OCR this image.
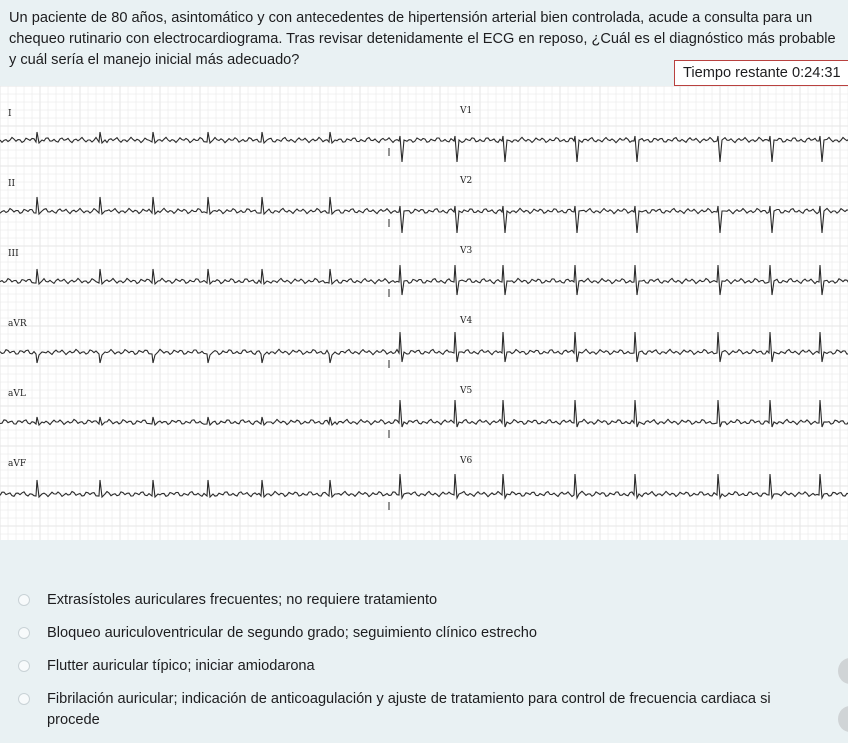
Un paciente de 80 años, asintomático y con antecedentes de hipertensión arterial bien controlada, acude a consulta para un chequeo rutinario con electrocardiograma. Tras revisar detenidamente el ECG en reposo, ¿Cuál es el diagnóstico más probable y cuál sería el manejo inicial más adecuado?

Tiempo restante 0:24:31
I	V1
II	V2
III	V3
aVR	V4
aVL	V5
aVF	V6
Extrasístoles auriculares frecuentes; no requiere tratamiento
Bloqueo auriculoventricular de segundo grado; seguimiento clínico estrecho
Flutter auricular típico; iniciar amiodarona
Fibrilación auricular; indicación de anticoagulación y ajuste de tratamiento para control de frecuencia cardiaca si procede
